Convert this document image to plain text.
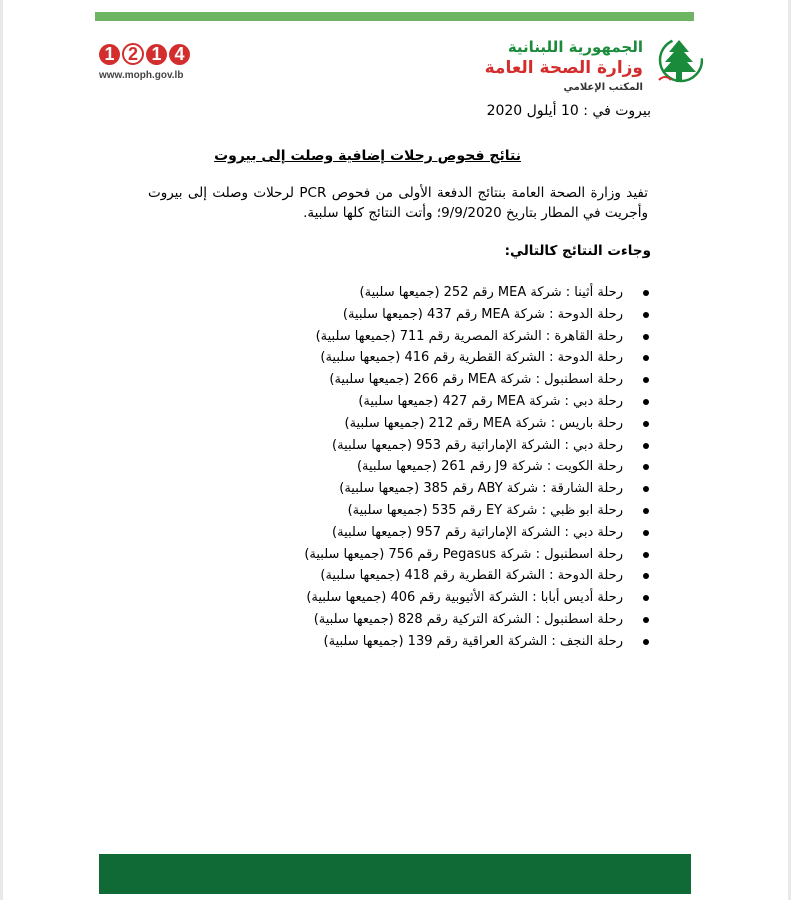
1 2 1 4
www.moph.gov.lb
الجمهورية اللبنانية
وزارة الصحة العامة
المكتب الإعلامي
بيروت في : 10 أيلول 2020
نتائج فحوص رحلات إضافية وصلت إلى بيروت
تفيد وزارة الصحة العامة بنتائج الدفعة الأولى من فحوص PCR لرحلات وصلت إلى بيروت وأجريت في المطار بتاريخ 9/9/2020؛ وأتت النتائج كلها سلبية.
وجاءت النتائج كالتالي:
رحلة أثينا : شركة MEA رقم 252 (جميعها سلبية)
رحلة الدوحة : شركة MEA رقم 437 (جميعها سلبية)
رحلة القاهرة : الشركة المصرية رقم 711 (جميعها سلبية)
رحلة الدوحة : الشركة القطرية رقم 416 (جميعها سلبية)
رحلة اسطنبول : شركة MEA رقم 266 (جميعها سلبية)
رحلة دبي : شركة MEA رقم 427 (جميعها سلبية)
رحلة باريس : شركة MEA رقم 212 (جميعها سلبية)
رحلة دبي : الشركة الإماراتية رقم 953 (جميعها سلبية)
رحلة الكويت : شركة J9 رقم 261 (جميعها سلبية)
رحلة الشارقة : شركة ABY رقم 385 (جميعها سلبية)
رحلة ابو ظبي : شركة EY رقم 535 (جميعها سلبية)
رحلة دبي : الشركة الإماراتية رقم 957 (جميعها سلبية)
رحلة اسطنبول : شركة Pegasus رقم 756 (جميعها سلبية)
رحلة الدوحة : الشركة القطرية رقم 418 (جميعها سلبية)
رحلة أديس أبابا : الشركة الأثيوبية رقم 406 (جميعها سلبية)
رحلة اسطنبول : الشركة التركية رقم 828 (جميعها سلبية)
رحلة النجف : الشركة العراقية رقم 139 (جميعها سلبية)
